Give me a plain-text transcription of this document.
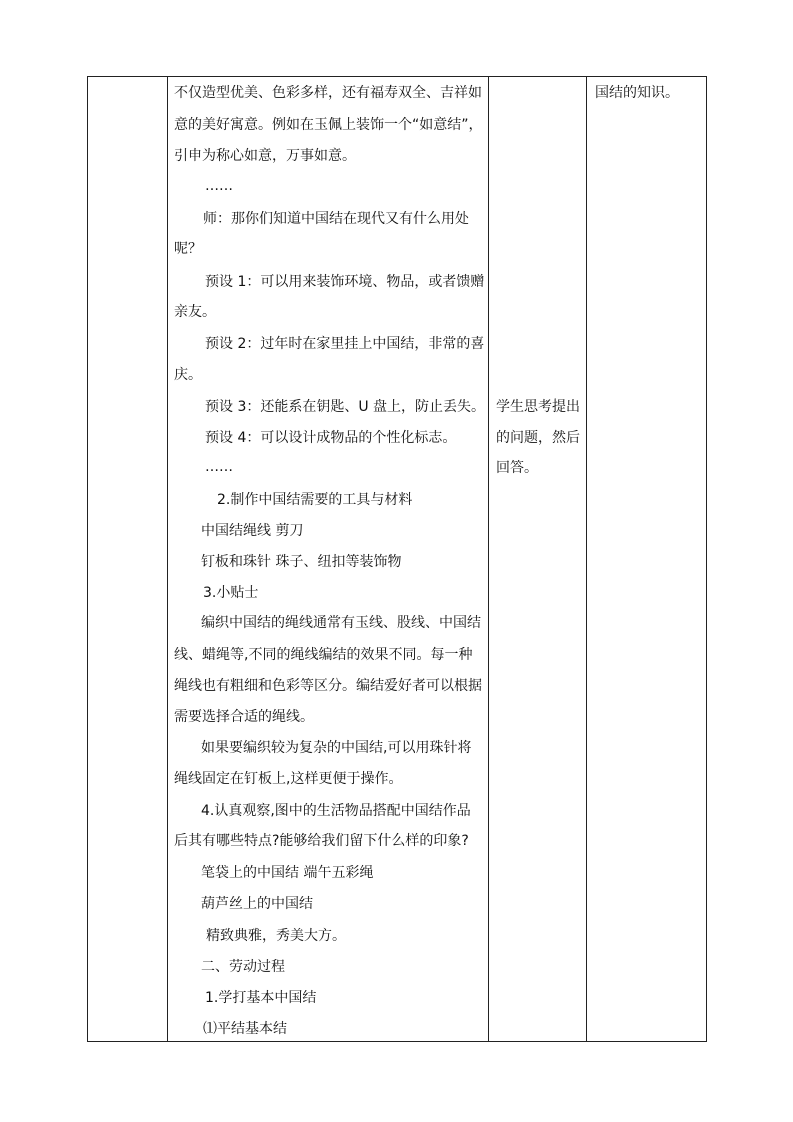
不仅造型优美、色彩多样，还有福寿双全、吉祥如
意的美好寓意。例如在玉佩上装饰一个“如意结”，
引申为称心如意，万事如意。
……
师：那你们知道中国结在现代又有什么用处
呢？
预设 1：可以用来装饰环境、物品，或者馈赠
亲友。
预设 2：过年时在家里挂上中国结，非常的喜
庆。
预设 3：还能系在钥匙、U 盘上，防止丢失。
预设 4：可以设计成物品的个性化标志。
……
2.制作中国结需要的工具与材料
中国结绳线 剪刀
钉板和珠针 珠子、纽扣等装饰物
3.小贴士
编织中国结的绳线通常有玉线、股线、中国结
线、蜡绳等,不同的绳线编结的效果不同。每一种
绳线也有粗细和色彩等区分。编结爱好者可以根据
需要选择合适的绳线。
如果要编织较为复杂的中国结,可以用珠针将
绳线固定在钉板上,这样更便于操作。
4.认真观察,图中的生活物品搭配中国结作品
后其有哪些特点?能够给我们留下什么样的印象?
笔袋上的中国结 端午五彩绳
葫芦丝上的中国结
精致典雅，秀美大方。
二、劳动过程
1.学打基本中国结
⑴平结基本结
学生思考提出
的问题，然后
回答。
国结的知识。
